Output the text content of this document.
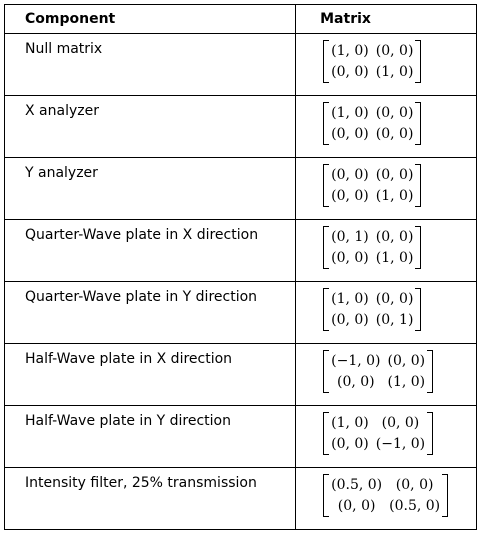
Component	Matrix
Null matrix	(1, 0) (0, 0)
(0, 0) (1, 0)

X analyzer	(1, 0) (0, 0)
(0, 0) (0, 0)

Y analyzer	(0, 0) (0, 0)
(0, 0) (1, 0)

Quarter-Wave plate in X direction	(0, 1) (0, 0)
(0, 0) (1, 0)

Quarter-Wave plate in Y direction	(1, 0) (0, 0)
(0, 0) (0, 1)

Half-Wave plate in X direction	(−1, 0) (0, 0)
(0, 0) (1, 0)

Half-Wave plate in Y direction	(1, 0) (0, 0)
(0, 0) (−1, 0)

Intensity filter, 25% transmission	(0.5, 0) (0, 0)
(0, 0) (0.5, 0)
